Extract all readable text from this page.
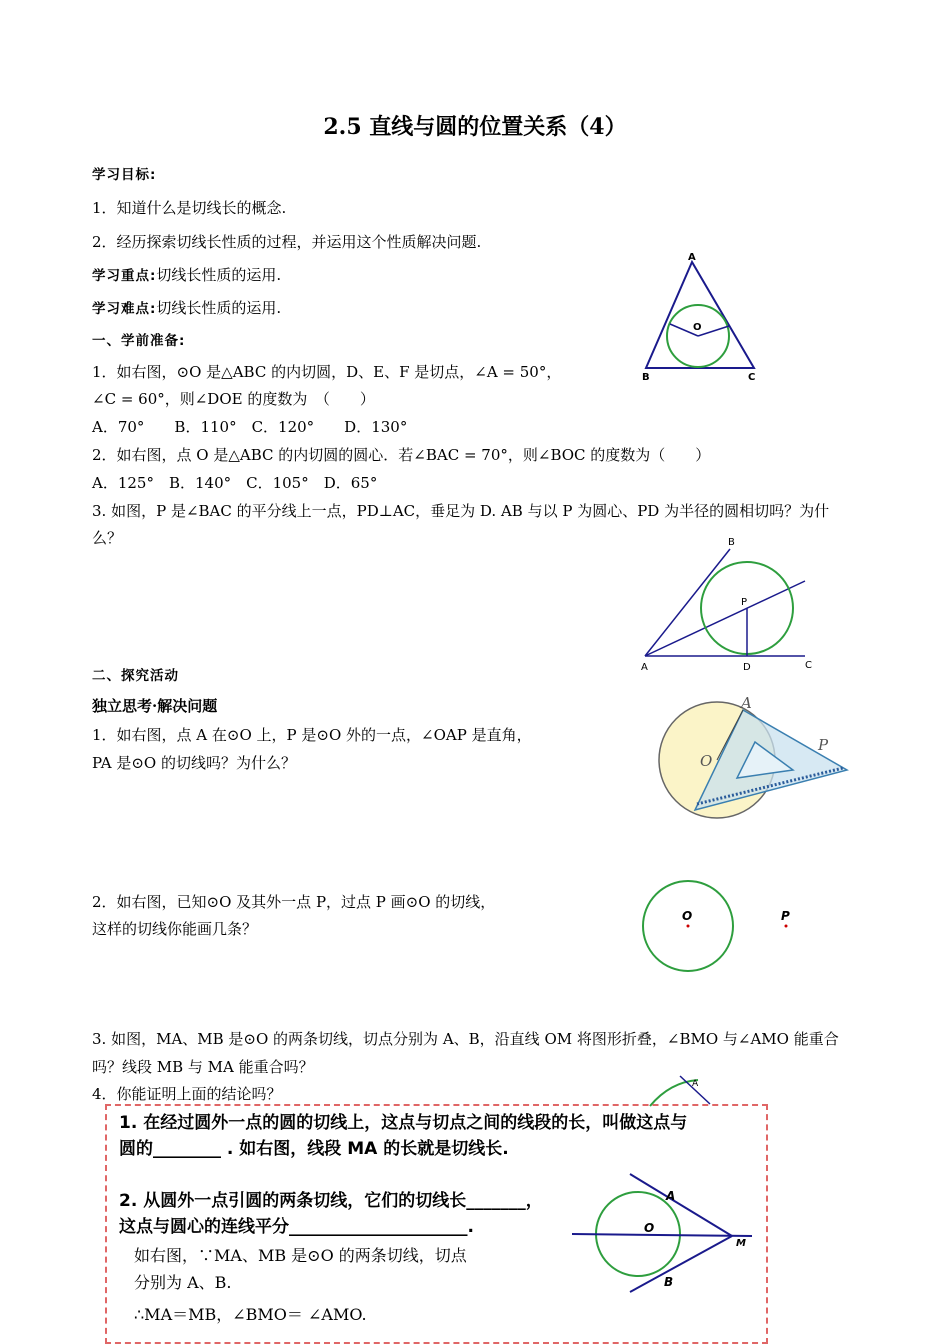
2.5 直线与圆的位置关系（4）
学习目标:
1．知道什么是切线长的概念.
2．经历探索切线长性质的过程，并运用这个性质解决问题.
学习重点:切线长性质的运用.
学习难点:切线长性质的运用.
一、学前准备:
1．如右图，⊙O 是△ABC 的内切圆，D、E、F 是切点，∠A = 50°，
∠C = 60°，则∠DOE 的度数为　（　　）
A．70°　　B．110°　C．120°　　D．130°
2．如右图，点 O 是△ABC 的内切圆的圆心．若∠BAC = 70°，则∠BOC 的度数为（　　）
A．125°　B．140°　C．105°　D．65°
3. 如图，P 是∠BAC 的平分线上一点，PD⊥AC，垂足为 D. AB 与以 P 为圆心、PD 为半径的圆相切吗？为什
么？
二、探究活动
独立思考·解决问题
1．如右图，点 A 在⊙O 上，P 是⊙O 外的一点，∠OAP 是直角，
PA 是⊙O 的切线吗？为什么？
2．如右图，已知⊙O 及其外一点 P，过点 P 画⊙O 的切线，
这样的切线你能画几条？
3. 如图，MA、MB 是⊙O 的两条切线，切点分别为 A、B，沿直线 OM 将图形折叠，∠BMO 与∠AMO 能重合
吗？线段 MB 与 MA 能重合吗？
4．你能证明上面的结论吗？
A
O
B	C
B
P
A	D	C
A
O
P
O	P
A
1. 在经过圆外一点的圆的切线上，这点与切点之间的线段的长，叫做这点与
圆的________ . 如右图，线段 MA 的长就是切线长.
2. 从圆外一点引圆的两条切线，它们的切线长_______，
这点与圆心的连线平分_____________________.
如右图，∵MA、MB 是⊙O 的两条切线，切点
分别为 A、B.
∴MA＝MB，∠BMO＝ ∠AMO.
A
O
M
B
